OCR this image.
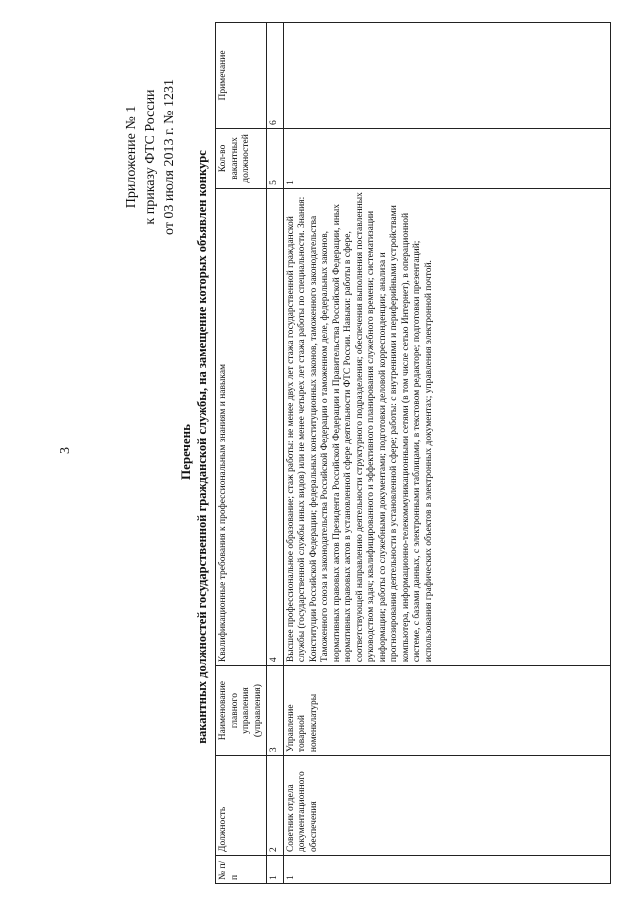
3
Приложение № 1 к приказу ФТС России от 03 июля 2013 г. № 1231
Перечень вакантных должностей государственной гражданской службы, на замещение которых объявлен конкурс
№ п/п	Должность	Наименование главного управления (управления)	Квалификационные требования к профессиональным знаниям и навыкам	Кол-во вакантных должностей	Примечание
1	2	3	4	5	6
1	Советник отдела документационного обеспечения	Управление товарной номенклатуры	Высшее профессиональное образование; стаж работы: не менее двух лет стажа государственной гражданской службы (государственной службы иных видов) или не менее четырех лет стажа работы по специальности. Знания: Конституции Российской Федерации; федеральных конституционных законов, таможенного законодательства Таможенного союза и законодательства Российской Федерации о таможенном деле, федеральных законов, нормативных правовых актов Президента Российской Федерации и Правительства Российской Федерации, иных нормативных правовых актов в установленной сфере деятельности ФТС России. Навыки: работы в сфере, соответствующей направлению деятельности структурного подразделения; обеспечения выполнения поставленных руководством задач; квалифицированного и эффективного планирования служебного времени; систематизации информации; работы со служебными документами; подготовки деловой корреспонденции; анализа и прогнозирования деятельности в установленной сфере; работы: с внутренними и периферийными устройствами компьютера, информационно-телекоммуникационными сетями (в том числе сетью Интернет), в операционной системе, с базами данных, с электронными таблицами, в текстовом редакторе; подготовки презентаций; использования графических объектов в электронных документах; управления электронной почтой.	1	
